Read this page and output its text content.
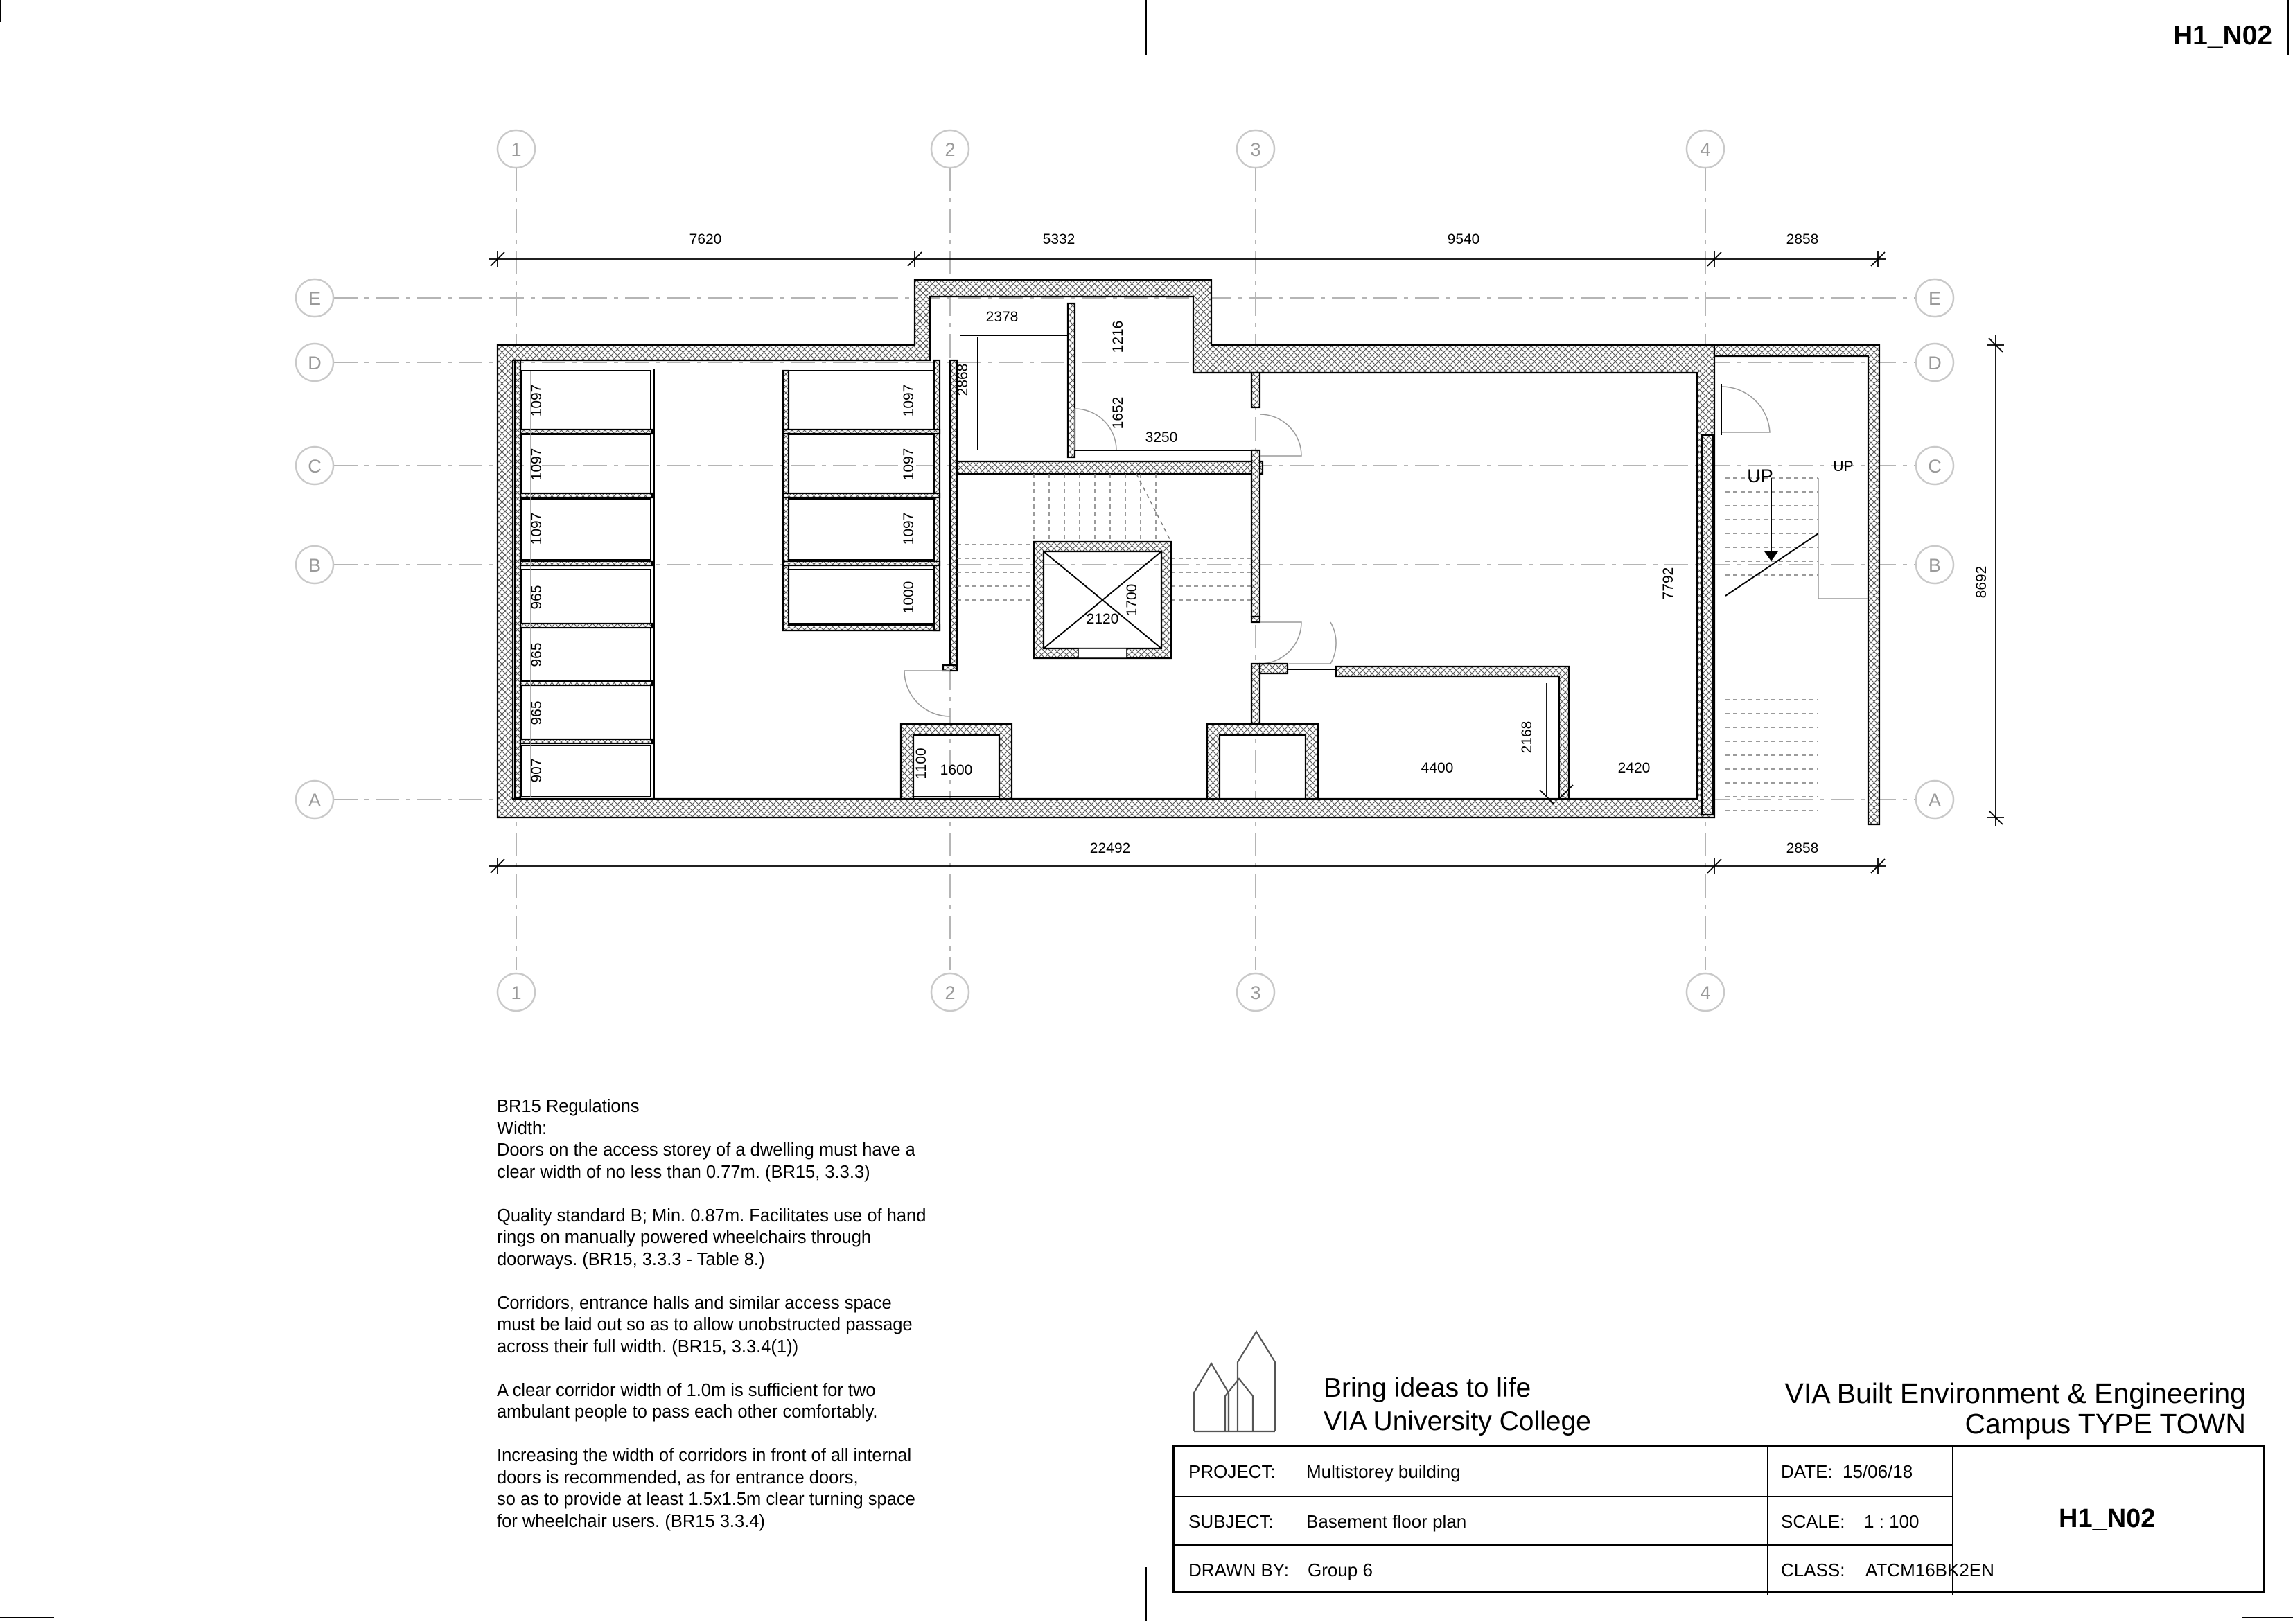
1
1
2
2
3
3
4
4
E	E
D	D
C	C
B	B
A	A
7620	5332	9540	2858
22492	2858
8692
1097
1097
1097
965
965
965
907
1097
1097
1097
1000
2378
2868
1216
1652
3250
2120
1700
1100 1600
2168
4400	2420
7792
UP	UP
H1_N02
BR15 Regulations
Width:

Doors on the access storey of a dwelling must have a
clear width of no less than 0.77m. (BR15, 3.3.3)

Quality standard B; Min. 0.87m. Facilitates use of hand
rings on manually powered wheelchairs through
doorways. (BR15, 3.3.3 - Table 8.)

Corridors, entrance halls and similar access space
must be laid out so as to allow unobstructed passage
across their full width. (BR15, 3.3.4(1))

A clear corridor width of 1.0m is sufficient for two
ambulant people to pass each other comfortably.

Increasing the width of corridors in front of all internal
doors is recommended, as for entrance doors,
so as to provide at least 1.5x1.5m clear turning space
for wheelchair users. (BR15 3.3.4)

Bring ideas to life
VIA University College
VIA Built Environment & Engineering
Campus TYPE TOWN
PROJECT: Multistorey building
SUBJECT: Basement floor plan
DRAWN BY: Group 6
DATE: 15/06/18
SCALE: 1 : 100
CLASS: ATCM16BK2EN
H1_N02
